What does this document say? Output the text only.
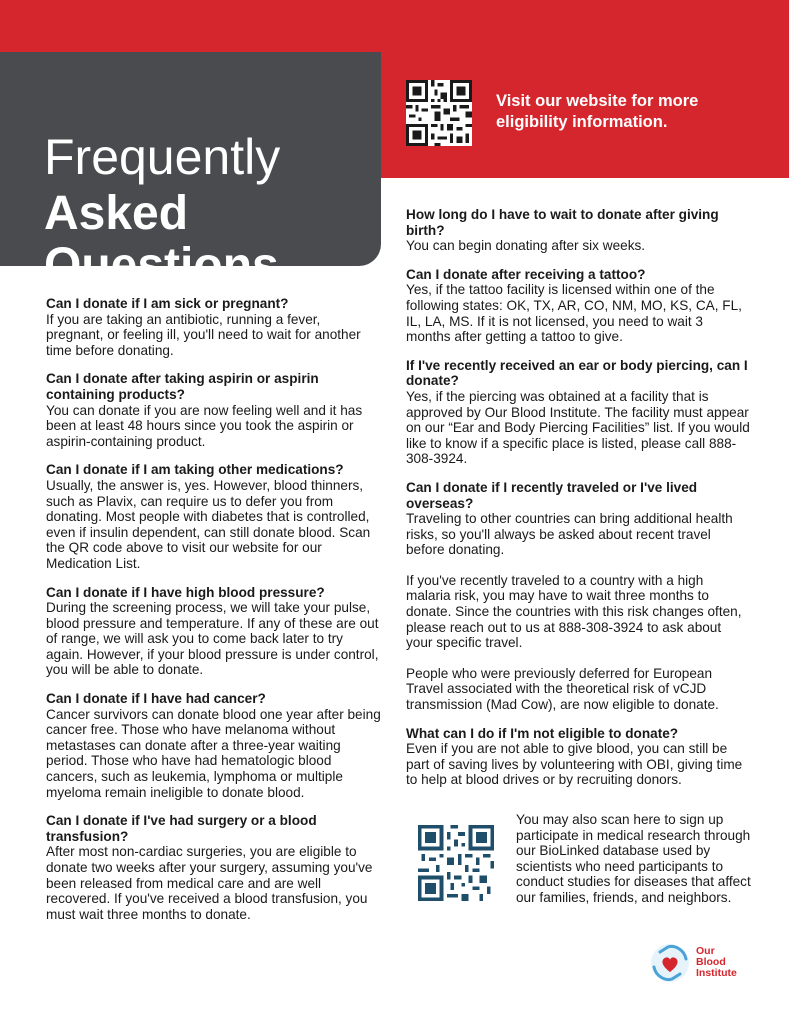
Frequently
Asked
Questions
Visit our website for more eligibility information.
Can I donate if I am sick or pregnant?

If you are taking an antibiotic, running a fever, pregnant, or feeling ill, you'll need to wait for another time before donating.

Can I donate after taking aspirin or aspirin containing products?

You can donate if you are now feeling well and it has been at least 48 hours since you took the aspirin or aspirin-containing product.

Can I donate if I am taking other medications?

Usually, the answer is, yes. However, blood thinners, such as Plavix, can require us to defer you from donating. Most people with diabetes that is controlled, even if insulin dependent, can still donate blood. Scan the QR code above to visit our website for our Medication List.

Can I donate if I have high blood pressure?

During the screening process, we will take your pulse, blood pressure and temperature. If any of these are out of range, we will ask you to come back later to try again. However, if your blood pressure is under control, you will be able to donate.

Can I donate if I have had cancer?

Cancer survivors can donate blood one year after being cancer free. Those who have melanoma without metastases can donate after a three-year waiting period. Those who have had hematologic blood cancers, such as leukemia, lymphoma or multiple myeloma remain ineligible to donate blood.

Can I donate if I've had surgery or a blood transfusion?

After most non-cardiac surgeries, you are eligible to donate two weeks after your surgery, assuming you've been released from medical care and are well recovered. If you've received a blood transfusion, you must wait three months to donate.

How long do I have to wait to donate after giving birth?

You can begin donating after six weeks.

Can I donate after receiving a tattoo?

Yes, if the tattoo facility is licensed within one of the following states: OK, TX, AR, CO, NM, MO, KS, CA, FL, IL, LA, MS. If it is not licensed, you need to wait 3 months after getting a tattoo to give.

If I've recently received an ear or body piercing, can I donate?

Yes, if the piercing was obtained at a facility that is approved by Our Blood Institute. The facility must appear on our “Ear and Body Piercing Facilities” list. If you would like to know if a specific place is listed, please call 888-308-3924.

Can I donate if I recently traveled or I've lived overseas?

Traveling to other countries can bring additional health risks, so you'll always be asked about recent travel before donating.

If you've recently traveled to a country with a high malaria risk, you may have to wait three months to donate. Since the countries with this risk changes often, please reach out to us at 888-308-3924 to ask about your specific travel.

People who were previously deferred for European Travel associated with the theoretical risk of vCJD transmission (Mad Cow), are now eligible to donate.

What can I do if I'm not eligible to donate?

Even if you are not able to give blood, you can still be part of saving lives by volunteering with OBI, giving time to help at blood drives or by recruiting donors.

You may also scan here to sign up participate in medical research through our BioLinked database used by scientists who need participants to conduct studies for diseases that affect our families, friends, and neighbors.
Our
Blood
Institute
